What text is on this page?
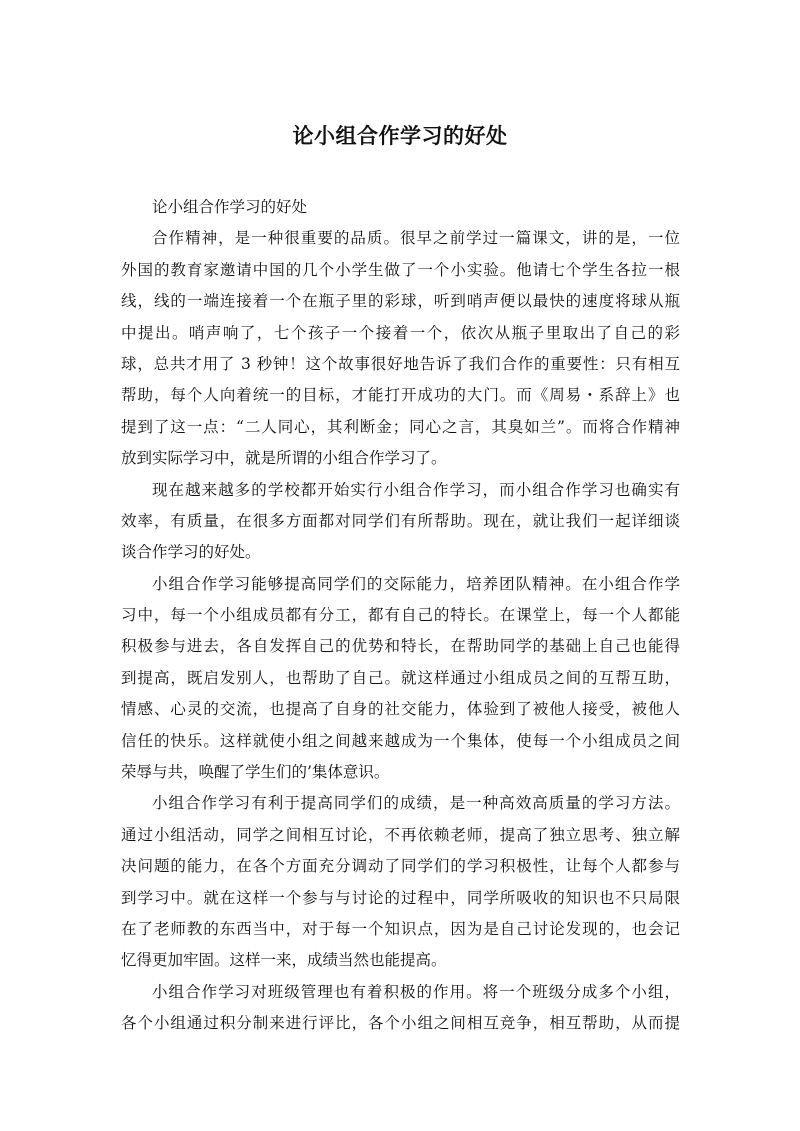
论小组合作学习的好处
论小组合作学习的好处
合作精神，是一种很重要的品质。很早之前学过一篇课文，讲的是，一位
外国的教育家邀请中国的几个小学生做了一个小实验。他请七个学生各拉一根
线，线的一端连接着一个在瓶子里的彩球，听到哨声便以最快的速度将球从瓶
中提出。哨声响了，七个孩子一个接着一个，依次从瓶子里取出了自己的彩
球，总共才用了 3 秒钟！这个故事很好地告诉了我们合作的重要性：只有相互
帮助，每个人向着统一的目标，才能打开成功的大门。而《周易・系辞上》也
提到了这一点：“二人同心，其利断金；同心之言，其臭如兰”。而将合作精神
放到实际学习中，就是所谓的小组合作学习了。
现在越来越多的学校都开始实行小组合作学习，而小组合作学习也确实有
效率，有质量，在很多方面都对同学们有所帮助。现在，就让我们一起详细谈
谈合作学习的好处。
小组合作学习能够提高同学们的交际能力，培养团队精神。在小组合作学
习中，每一个小组成员都有分工，都有自己的特长。在课堂上，每一个人都能
积极参与进去，各自发挥自己的优势和特长，在帮助同学的基础上自己也能得
到提高，既启发别人，也帮助了自己。就这样通过小组成员之间的互帮互助，
情感、心灵的交流，也提高了自身的社交能力，体验到了被他人接受，被他人
信任的快乐。这样就使小组之间越来越成为一个集体，使每一个小组成员之间
荣辱与共，唤醒了学生们的’集体意识。
小组合作学习有利于提高同学们的成绩，是一种高效高质量的学习方法。
通过小组活动，同学之间相互讨论，不再依赖老师，提高了独立思考、独立解
决问题的能力，在各个方面充分调动了同学们的学习积极性，让每个人都参与
到学习中。就在这样一个参与与讨论的过程中，同学所吸收的知识也不只局限
在了老师教的东西当中，对于每一个知识点，因为是自己讨论发现的，也会记
忆得更加牢固。这样一来，成绩当然也能提高。
小组合作学习对班级管理也有着积极的作用。将一个班级分成多个小组，
各个小组通过积分制来进行评比，各个小组之间相互竞争，相互帮助，从而提
